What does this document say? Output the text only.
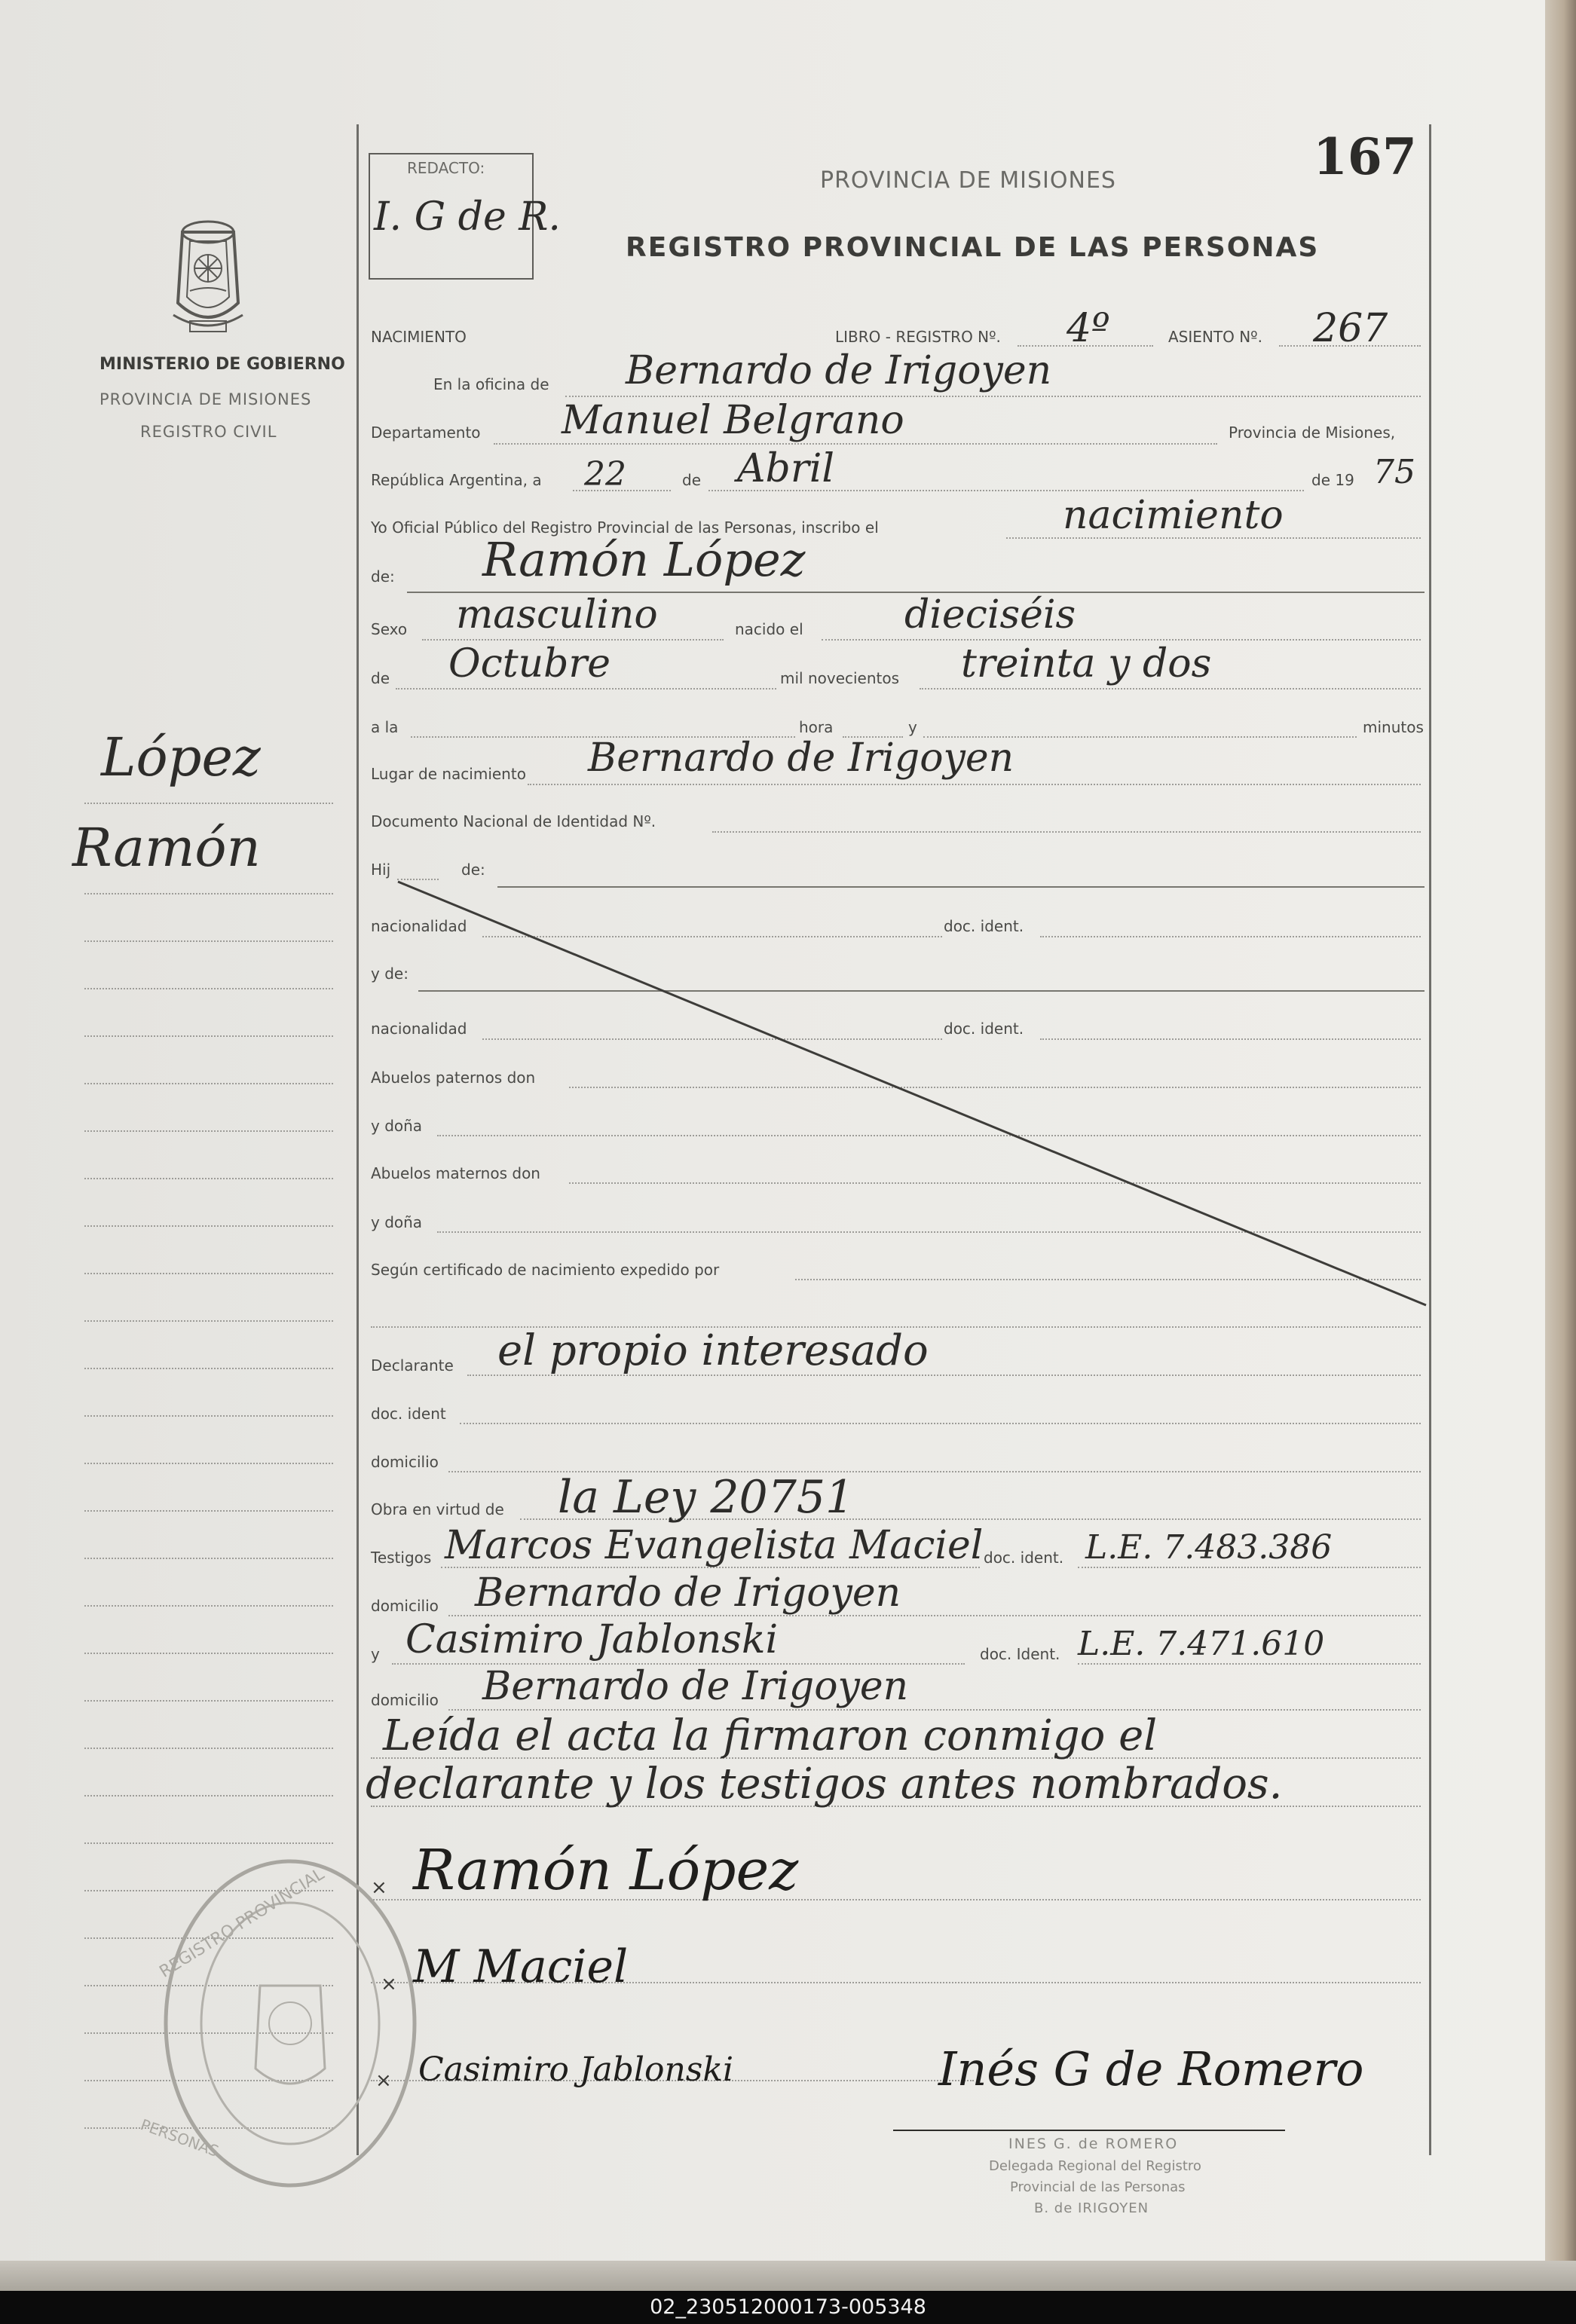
MINISTERIO DE GOBIERNO
PROVINCIA DE MISIONES
REGISTRO CIVIL
López
Ramón
REDACTO:
I. G de R.
PROVINCIA DE MISIONES
REGISTRO PROVINCIAL DE LAS PERSONAS
167
NACIMIENTO	LIBRO - REGISTRO Nº. 4º	ASIENTO Nº. 267
En la oficina de Bernardo de Irigoyen
Departamento Manuel Belgrano	Provincia de Misiones,
República Argentina, a 22	de Abril	de 19 75
Yo Oficial Público del Registro Provincial de las Personas, inscribo el	nacimiento
de: Ramón López
Sexo masculino	nacido el	dieciséis
de Octubre	mil novecientos treinta y dos
a la	hora	y	minutos
Lugar de nacimiento Bernardo de Irigoyen
Documento Nacional de Identidad Nº.
Hij	de:
nacionalidad	doc. ident.
y de:
nacionalidad	doc. ident.
Abuelos paternos don
y doña
Abuelos maternos don
y doña
Según certificado de nacimiento expedido por
Declarante el propio interesado
doc. ident
domicilio
Obra en virtud de la Ley 20751
Testigos Marcos Evangelista Maciel doc. ident. L.E. 7.483.386
domicilio Bernardo de Irigoyen
y Casimiro Jablonski	doc. Ident. L.E. 7.471.610
domicilio Bernardo de Irigoyen
Leída el acta la firmaron conmigo el
declarante y los testigos antes nombrados.
REGISTRO PROVINCIAL
PERSONAS
Ramón López
M Maciel
Casimiro Jablonski	Inés G de Romero
INES G. de ROMERO
Delegada Regional del Registro
Provincial de las Personas
B. de IRIGOYEN
×
×
×
02_230512000173-005348
